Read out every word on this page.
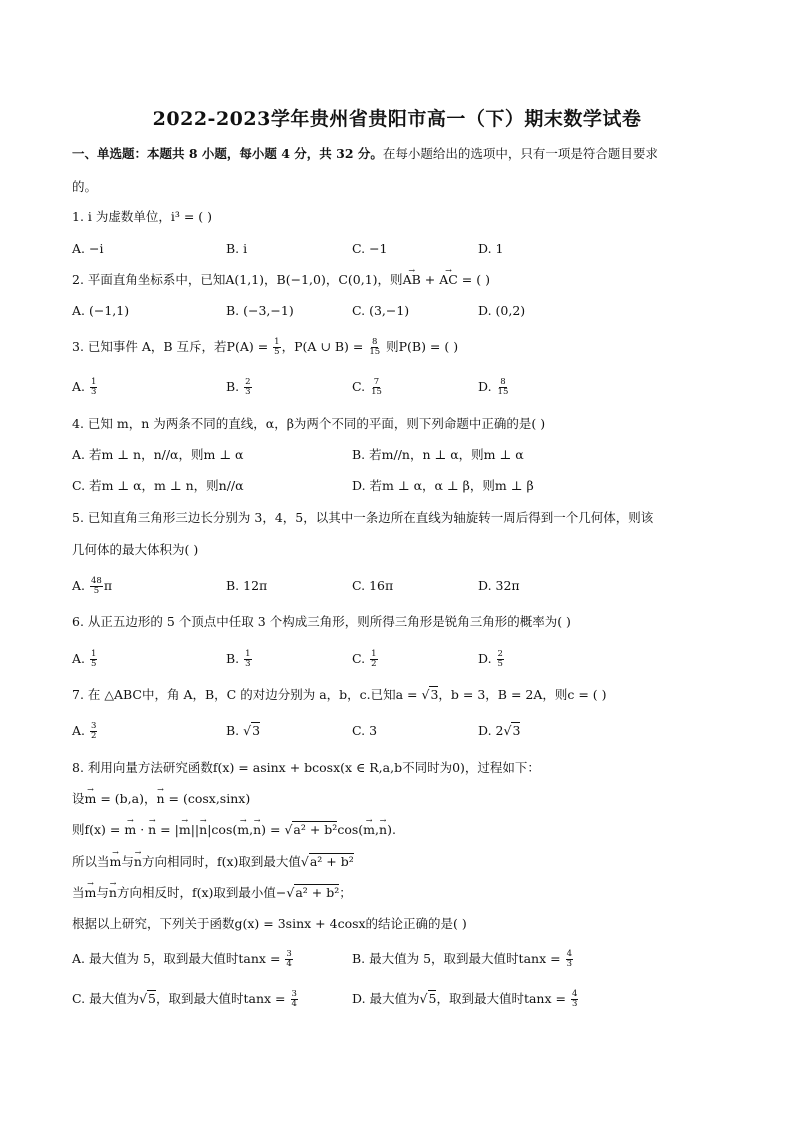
2022-2023学年贵州省贵阳市高一（下）期末数学试卷
一、单选题：本题共 8 小题，每小题 4 分，共 32 分。在每小题给出的选项中，只有一项是符合题目要求
的。
1. i 为虚数单位，i³ = ( )
A. −i	B. i	C. −1	D. 1
2. 平面直角坐标系中，已知A(1,1)，B(−1,0)，C(0,1)，则→ AB + → AC = ( )
A. (−1,1)	B. (−3,−1)	C. (3,−1)	D. (0,2)
3. 已知事件 A，B 互斥，若$P(A) = \frac{1}{5}$ ，P(A ∪ $B) = \frac{8}{15}$ 则P(B) = ( )
A. $\frac{1}{3}$	B. $\frac{2}{3}$	C. $\frac{7}{15}$	D. $\frac{8}{15}$
4. 已知 m，n 为两条不同的直线，α，β为两个不同的平面，则下列命题中正确的是( )
A. 若m ⊥ n，n//α，则m ⊥ α	B. 若m//n，n ⊥ α，则m ⊥ α
C. 若m ⊥ α，m ⊥ n，则n//α	D. 若m ⊥ α，α ⊥ β，则m ⊥ β
5. 已知直角三角形三边长分别为 3，4，5，以其中一条边所在直线为轴旋转一周后得到一个几何体，则该
几何体的最大体积为( )
A. $\frac{48}{5}$ π	B. 12π	C. 16π	D. 32π
6. 从正五边形的 5 个顶点中任取 3 个构成三角形，则所得三角形是锐角三角形的概率为( )
A. $\frac{1}{5}$	B. $\frac{1}{3}$	C. $\frac{1}{2}$	D. $\frac{2}{5}$
7. 在 △ABC中，角 A，B，C 的对边分别为 a，b，c.已知a = √3，b = 3，B = 2A，则c = ( )
A. $\frac{3}{2}$	B. √3	C. 3	D. 2√3
8. 利用向量方法研究函数f(x) = asinx + bcosx(x ∈ R,a,b不同时为0)，过程如下：
设→ m = (b,a)，→ n = (cosx,sinx)
则f(x) = → m · → n = |→ m||→ n|cos(→ m,→ n) = √a² + b²cos(→ m,→ n).
所以当→ m与→ n方向相同时，f(x)取到最大值√a² + b²
当→ m与→ n方向相反时，f(x)取到最小值−√a² + b²；
根据以上研究，下列关于函数g(x) = 3sinx + 4cosx的结论正确的是( )
A. 最大值为 5，取到最大值时$\tan x = \frac{3}{4}$	B. 最大值为 5，取到最大值时$\tan x = \frac{4}{3}$
C. 最大值为√5，取到最大值时$\tan x = \frac{3}{4}$	D. 最大值为√5，取到最大值时$\tan x = \frac{4}{3}$
